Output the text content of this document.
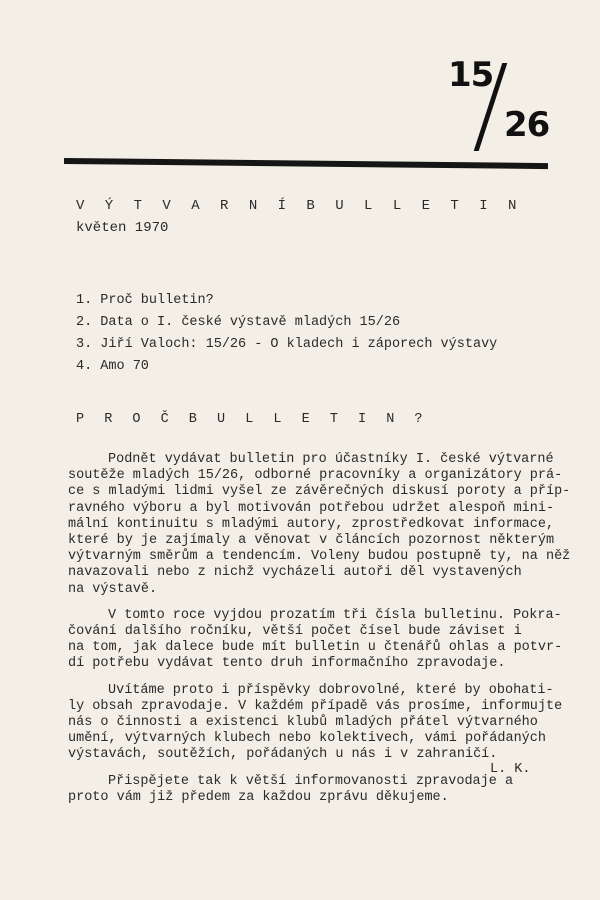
15
26
V Ý T V A R N Í B U L L E T I N
květen 1970
1. Proč bulletin?
2. Data o I. české výstavě mladých 15/26
3. Jiří Valoch: 15/26 - O kladech i záporech výstavy
4. Amo 70
P R O Č B U L L E T I N ?

Podnět vydávat bulletin pro účastníky I. české výtvarné
soutěže mladých 15/26, odborné pracovníky a organizátory prá-
ce s mladými lidmi vyšel ze závěrečných diskusí poroty a příp-
ravného výboru a byl motivován potřebou udržet alespoň mini-
mální kontinuitu s mladými autory, zprostředkovat informace,
které by je zajímaly a věnovat v článcích pozornost některým
výtvarným směrům a tendencím. Voleny budou postupně ty, na něž
navazovali nebo z nichž vycházeli autoři děl vystavených
na výstavě.

V tomto roce vyjdou prozatím tři čísla bulletinu. Pokra-
čování dalšího ročníku, větší počet čísel bude záviset i
na tom, jak dalece bude mít bulletin u čtenářů ohlas a potvr-
dí potřebu vydávat tento druh informačního zpravodaje.

Uvítáme proto i příspěvky dobrovolné, které by obohati-
ly obsah zpravodaje. V každém případě vás prosíme, informujte
nás o činnosti a existenci klubů mladých přátel výtvarného
umění, výtvarných klubech nebo kolektivech, vámi pořádaných
výstavách, soutěžích, pořádaných u nás i v zahraničí.

Přispějete tak k větší informovanosti zpravodaje a
proto vám již předem za každou zprávu děkujeme.

L. K.
